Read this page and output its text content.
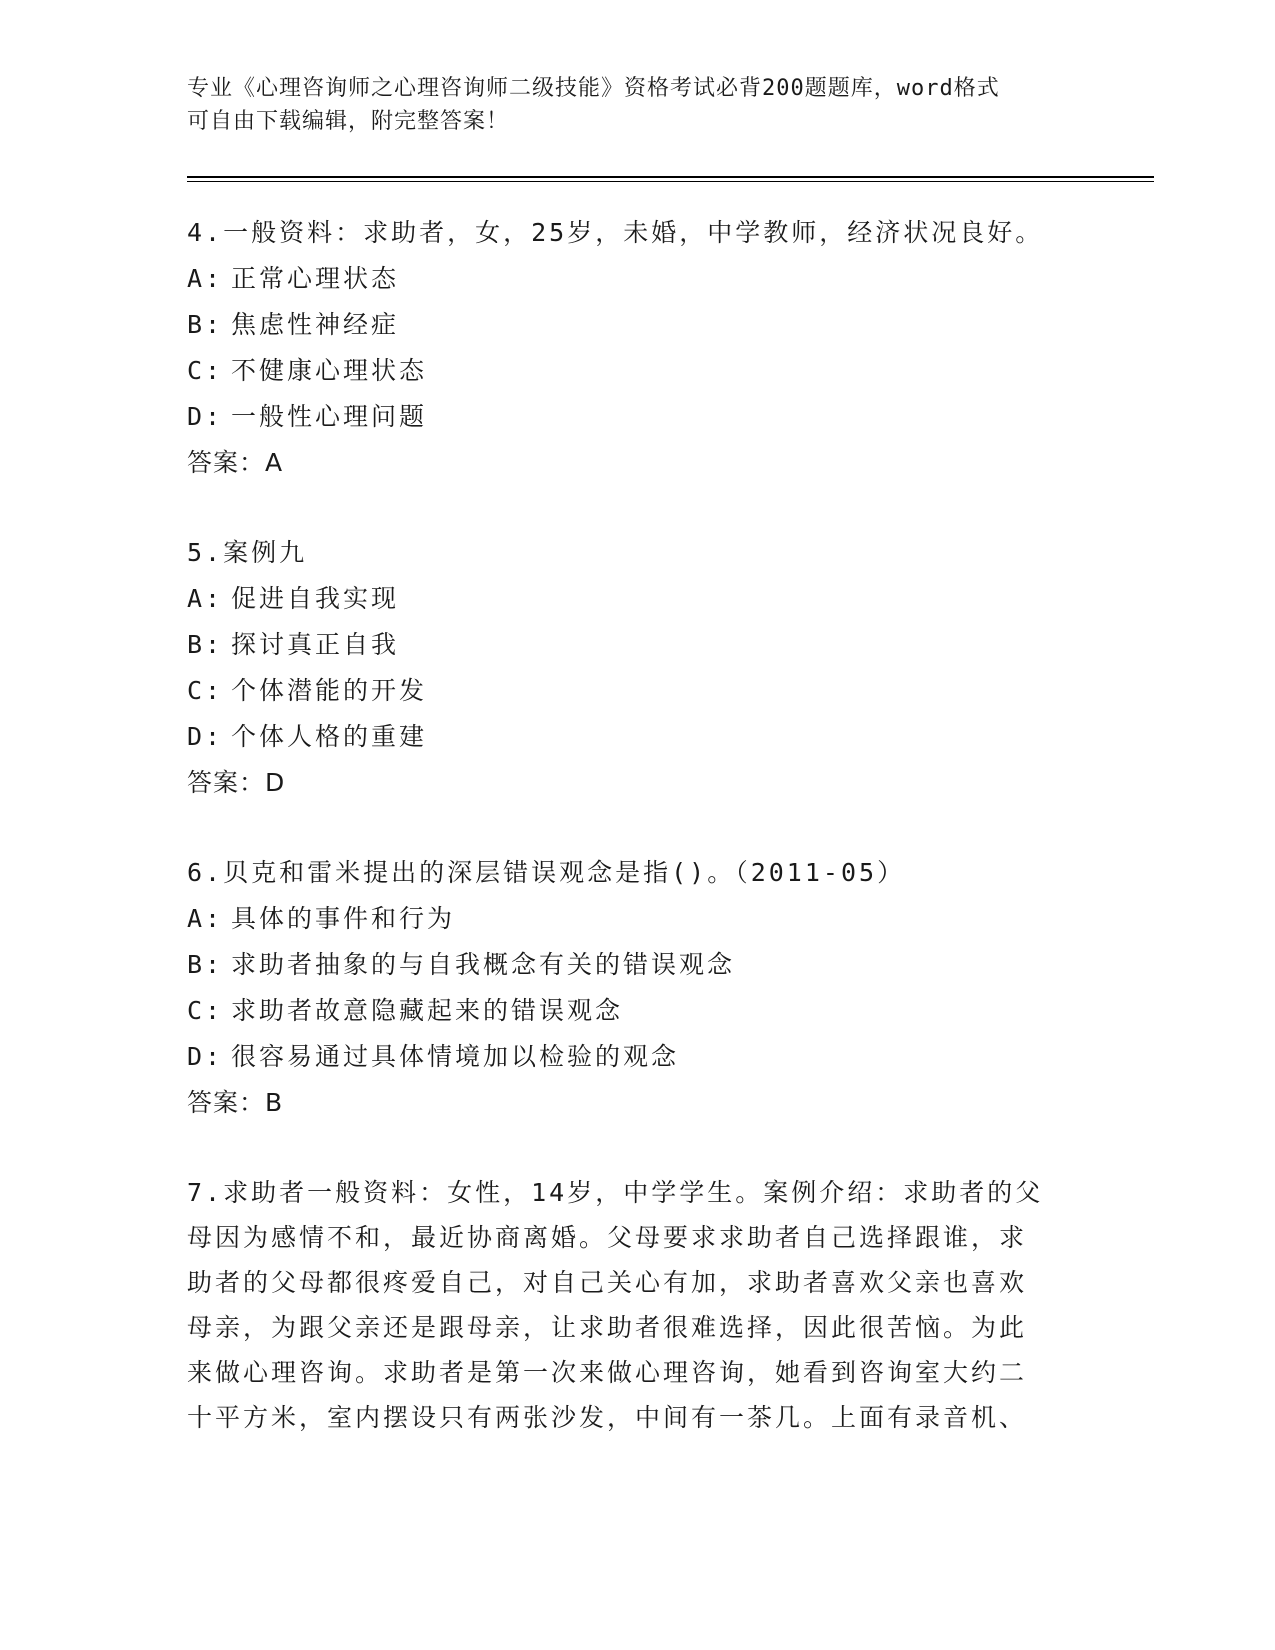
专业《心理咨询师之心理咨询师二级技能》资格考试必背200题题库，word格式
可自由下载编辑，附完整答案！
4.一般资料：求助者，女，25岁，未婚，中学教师，经济状况良好。
A: 正常心理状态
B: 焦虑性神经症
C: 不健康心理状态
D: 一般性心理问题
答案：A
5.案例九
A: 促进自我实现
B: 探讨真正自我
C: 个体潜能的开发
D: 个体人格的重建
答案：D
6.贝克和雷米提出的深层错误观念是指()。（2011-05）
A: 具体的事件和行为
B: 求助者抽象的与自我概念有关的错误观念
C: 求助者故意隐藏起来的错误观念
D: 很容易通过具体情境加以检验的观念
答案：B
7.求助者一般资料：女性，14岁，中学学生。案例介绍：求助者的父
母因为感情不和，最近协商离婚。父母要求求助者自己选择跟谁，求
助者的父母都很疼爱自己，对自己关心有加，求助者喜欢父亲也喜欢
母亲，为跟父亲还是跟母亲，让求助者很难选择，因此很苦恼。为此
来做心理咨询。求助者是第一次来做心理咨询，她看到咨询室大约二
十平方米，室内摆设只有两张沙发，中间有一茶几。上面有录音机、
